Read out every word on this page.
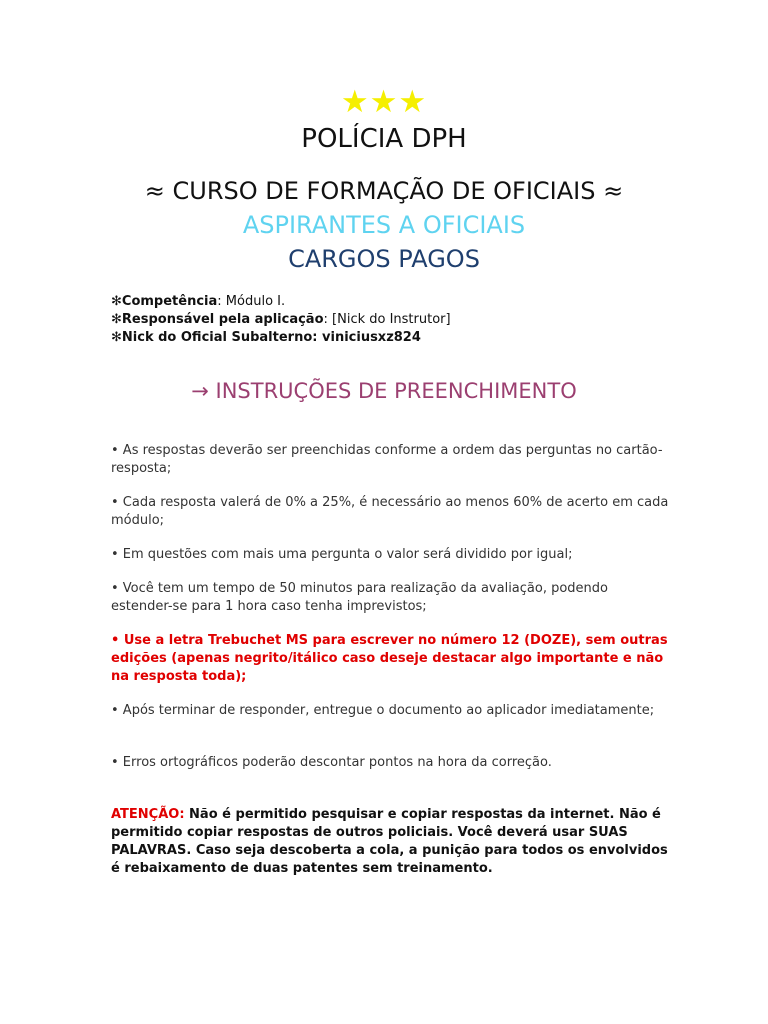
★★★
POLÍCIA DPH
≈ CURSO DE FORMAÇÃO DE OFICIAIS ≈
ASPIRANTES A OFICIAIS
CARGOS PAGOS
✻Competência: Módulo I.
✻Responsável pela aplicação: [Nick do Instrutor]
✻Nick do Oficial Subalterno: viniciusxz824
→ INSTRUÇÕES DE PREENCHIMENTO

• As respostas deverão ser preenchidas conforme a ordem das perguntas no cartão-resposta;

• Cada resposta valerá de 0% a 25%, é necessário ao menos 60% de acerto em cada módulo;

• Em questões com mais uma pergunta o valor será dividido por igual;

• Você tem um tempo de 50 minutos para realização da avaliação, podendo estender-se para 1 hora caso tenha imprevistos;

• Use a letra Trebuchet MS para escrever no número 12 (DOZE), sem outras edições (apenas negrito/itálico caso deseje destacar algo importante e não na resposta toda);

• Após terminar de responder, entregue o documento ao aplicador imediatamente;

• Erros ortográficos poderão descontar pontos na hora da correção.

ATENÇÃO: Não é permitido pesquisar e copiar respostas da internet. Não é permitido copiar respostas de outros policiais. Você deverá usar SUAS PALAVRAS. Caso seja descoberta a cola, a punição para todos os envolvidos é rebaixamento de duas patentes sem treinamento.
